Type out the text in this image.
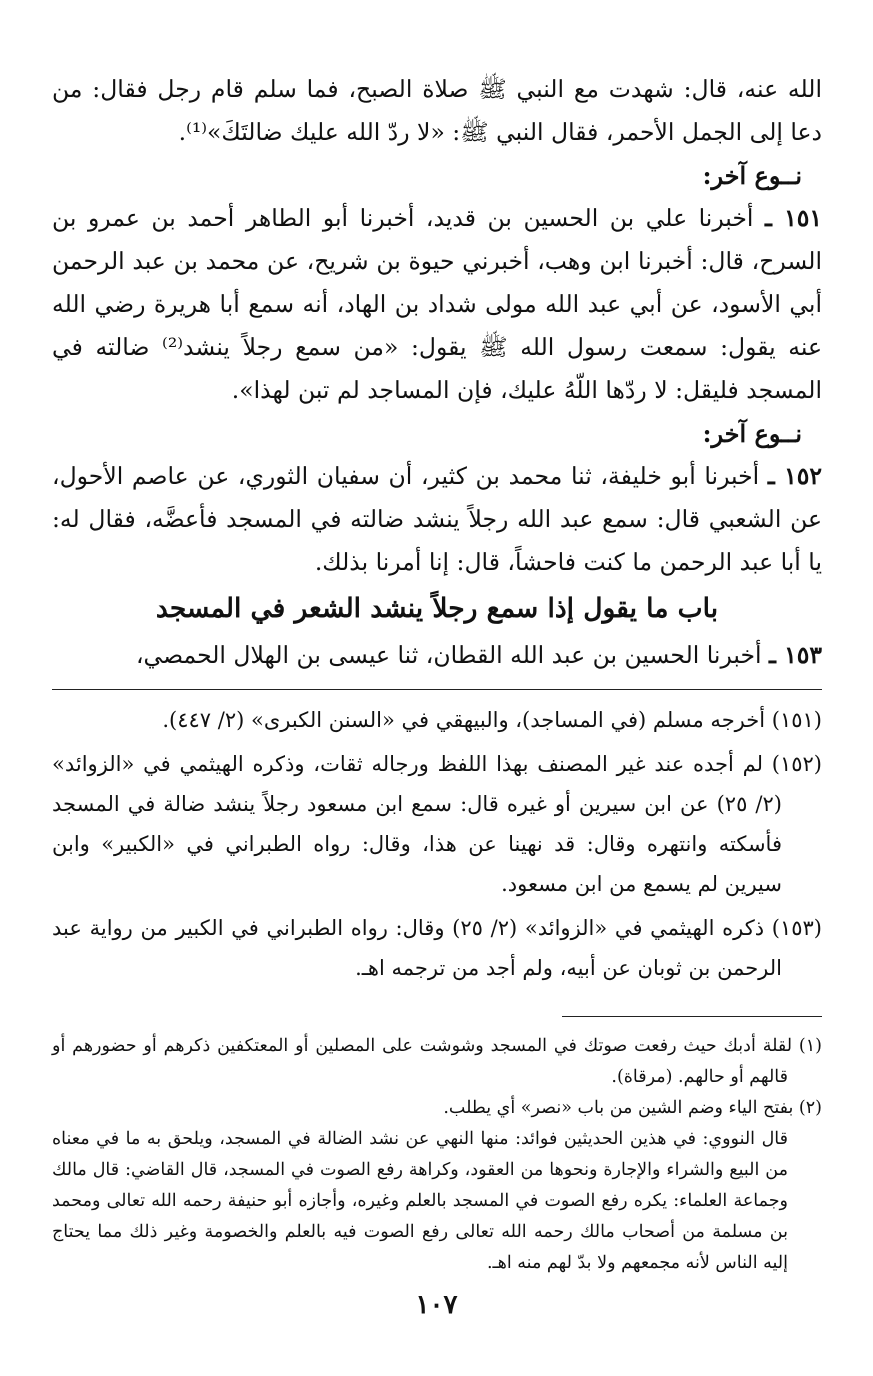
الله عنه، قال: شهدت مع النبي ﷺ صلاة الصبح، فما سلم قام رجل فقال: من دعا إلى الجمل الأحمر، فقال النبي ﷺ: «لا ردّ الله عليك ضالتَكَ»⁽¹⁾.

نــوع آخر:

١٥١ ـ أخبرنا علي بن الحسين بن قديد، أخبرنا أبو الطاهر أحمد بن عمرو بن السرح، قال: أخبرنا ابن وهب، أخبرني حيوة بن شريح، عن محمد بن عبد الرحمن أبي الأسود، عن أبي عبد الله مولى شداد بن الهاد، أنه سمع أبا هريرة رضي الله عنه يقول: سمعت رسول الله ﷺ يقول: «من سمع رجلاً ينشد⁽²⁾ ضالته في المسجد فليقل: لا ردّها اللّهُ عليك، فإن المساجد لم تبن لهذا».

نــوع آخر:

١٥٢ ـ أخبرنا أبو خليفة، ثنا محمد بن كثير، أن سفيان الثوري، عن عاصم الأحول، عن الشعبي قال: سمع عبد الله رجلاً ينشد ضالته في المسجد فأعضَّه، فقال له: يا أبا عبد الرحمن ما كنت فاحشاً، قال: إنا أمرنا بذلك.

باب ما يقول إذا سمع رجلاً ينشد الشعر في المسجد

١٥٣ ـ أخبرنا الحسين بن عبد الله القطان، ثنا عيسى بن الهلال الحمصي،

(١٥١) أخرجه مسلم (في المساجد)، والبيهقي في «السنن الكبرى» (٢/ ٤٤٧).

(١٥٢) لم أجده عند غير المصنف بهذا اللفظ ورجاله ثقات، وذكره الهيثمي في «الزوائد» (٢/ ٢٥) عن ابن سيرين أو غيره قال: سمع ابن مسعود رجلاً ينشد ضالة في المسجد فأسكته وانتهره وقال: قد نهينا عن هذا، وقال: رواه الطبراني في «الكبير» وابن سيرين لم يسمع من ابن مسعود.

(١٥٣) ذكره الهيثمي في «الزوائد» (٢/ ٢٥) وقال: رواه الطبراني في الكبير من رواية عبد الرحمن بن ثوبان عن أبيه، ولم أجد من ترجمه اهـ.

(١) لقلة أدبك حيث رفعت صوتك في المسجد وشوشت على المصلين أو المعتكفين ذكرهم أو حضورهم أو قالهم أو حالهم. (مرقاة).

(٢) بفتح الياء وضم الشين من باب «نصر» أي يطلب.

قال النووي: في هذين الحديثين فوائد: منها النهي عن نشد الضالة في المسجد، ويلحق به ما في معناه من البيع والشراء والإجارة ونحوها من العقود، وكراهة رفع الصوت في المسجد، قال القاضي: قال مالك وجماعة العلماء: يكره رفع الصوت في المسجد بالعلم وغيره، وأجازه أبو حنيفة رحمه الله تعالى ومحمد بن مسلمة من أصحاب مالك رحمه الله تعالى رفع الصوت فيه بالعلم والخصومة وغير ذلك مما يحتاج إليه الناس لأنه مجمعهم ولا بدّ لهم منه اهـ.

١٠٧
